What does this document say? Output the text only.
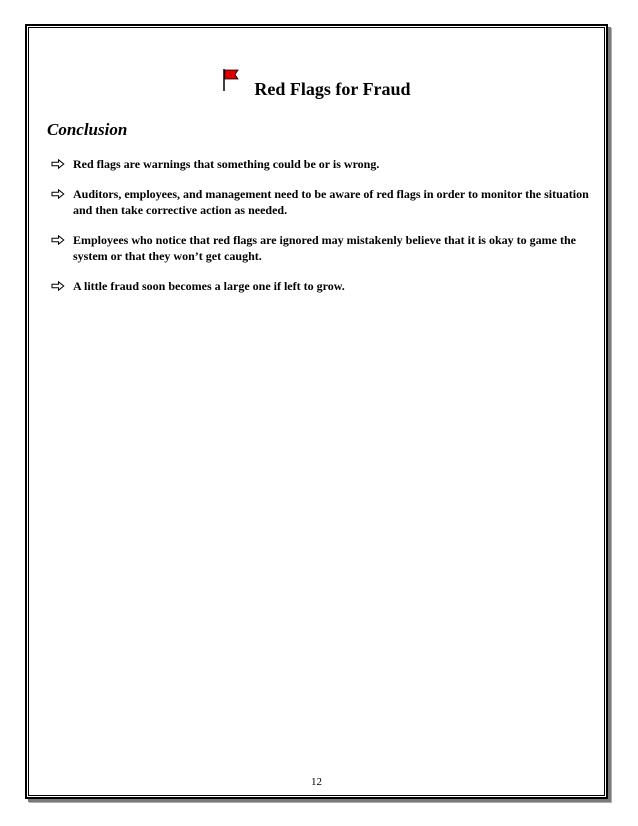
Red Flags for Fraud
Conclusion
Red flags are warnings that something could be or is wrong.
Auditors, employees, and management need to be aware of red flags in order to monitor the situation and then take corrective action as needed.
Employees who notice that red flags are ignored may mistakenly believe that it is okay to game the system or that they won’t get caught.
A little fraud soon becomes a large one if left to grow.
12
